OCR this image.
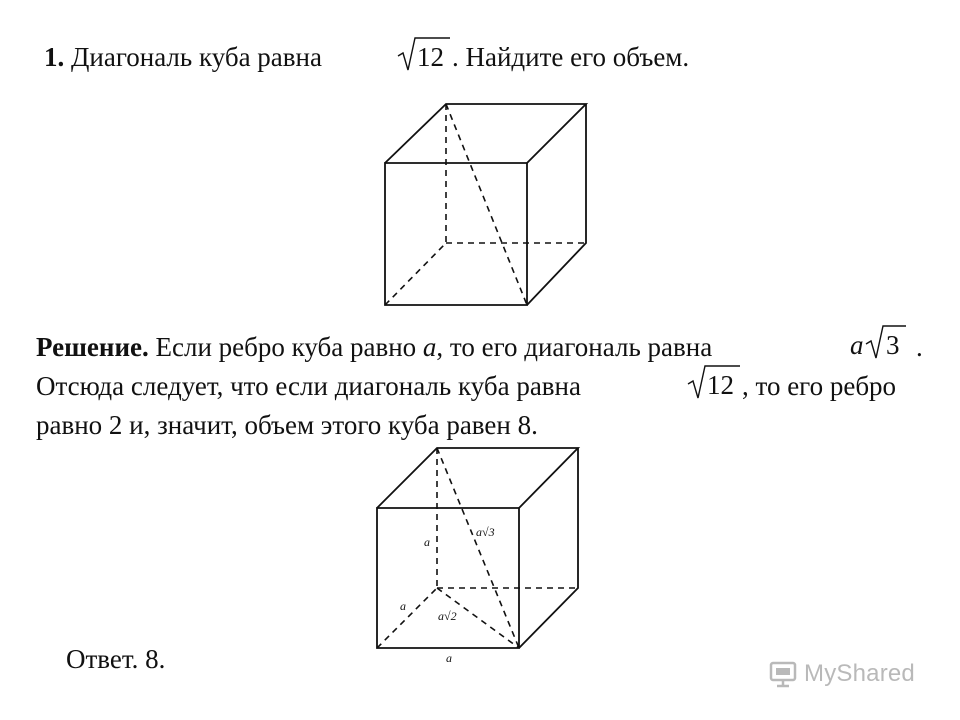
1. Диагональ куба равна	12 . Найдите его объем.
Решение. Если ребро куба равно a, то его диагональ равна	a 3 .
Отсюда следует, что если диагональ куба равна	12 , то его ребро
равно 2 и, значит, объем этого куба равен 8.
a
a√3
a
a√2
a
Ответ. 8.	MyShared
